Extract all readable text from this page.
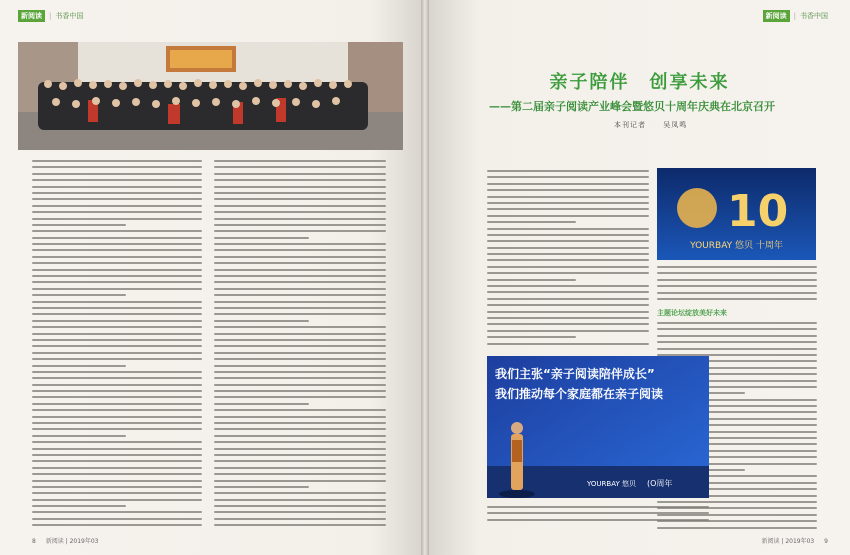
新阅读	| 书香中国
8 新阅读 | 2019年03
新阅读	| 书香中国
亲子陪伴　创享未来
——第二届亲子阅读产业峰会暨悠贝十周年庆典在北京召开
本刊记者 吴凤鸣
10
YOURBAY 悠贝 十周年
主题论坛绽放美好未来
我们主张“亲子阅读陪伴成长”
我们推动每个家庭都在亲子阅读
YOURBAY 悠贝 (O周年
新阅读 | 2019年03 9
